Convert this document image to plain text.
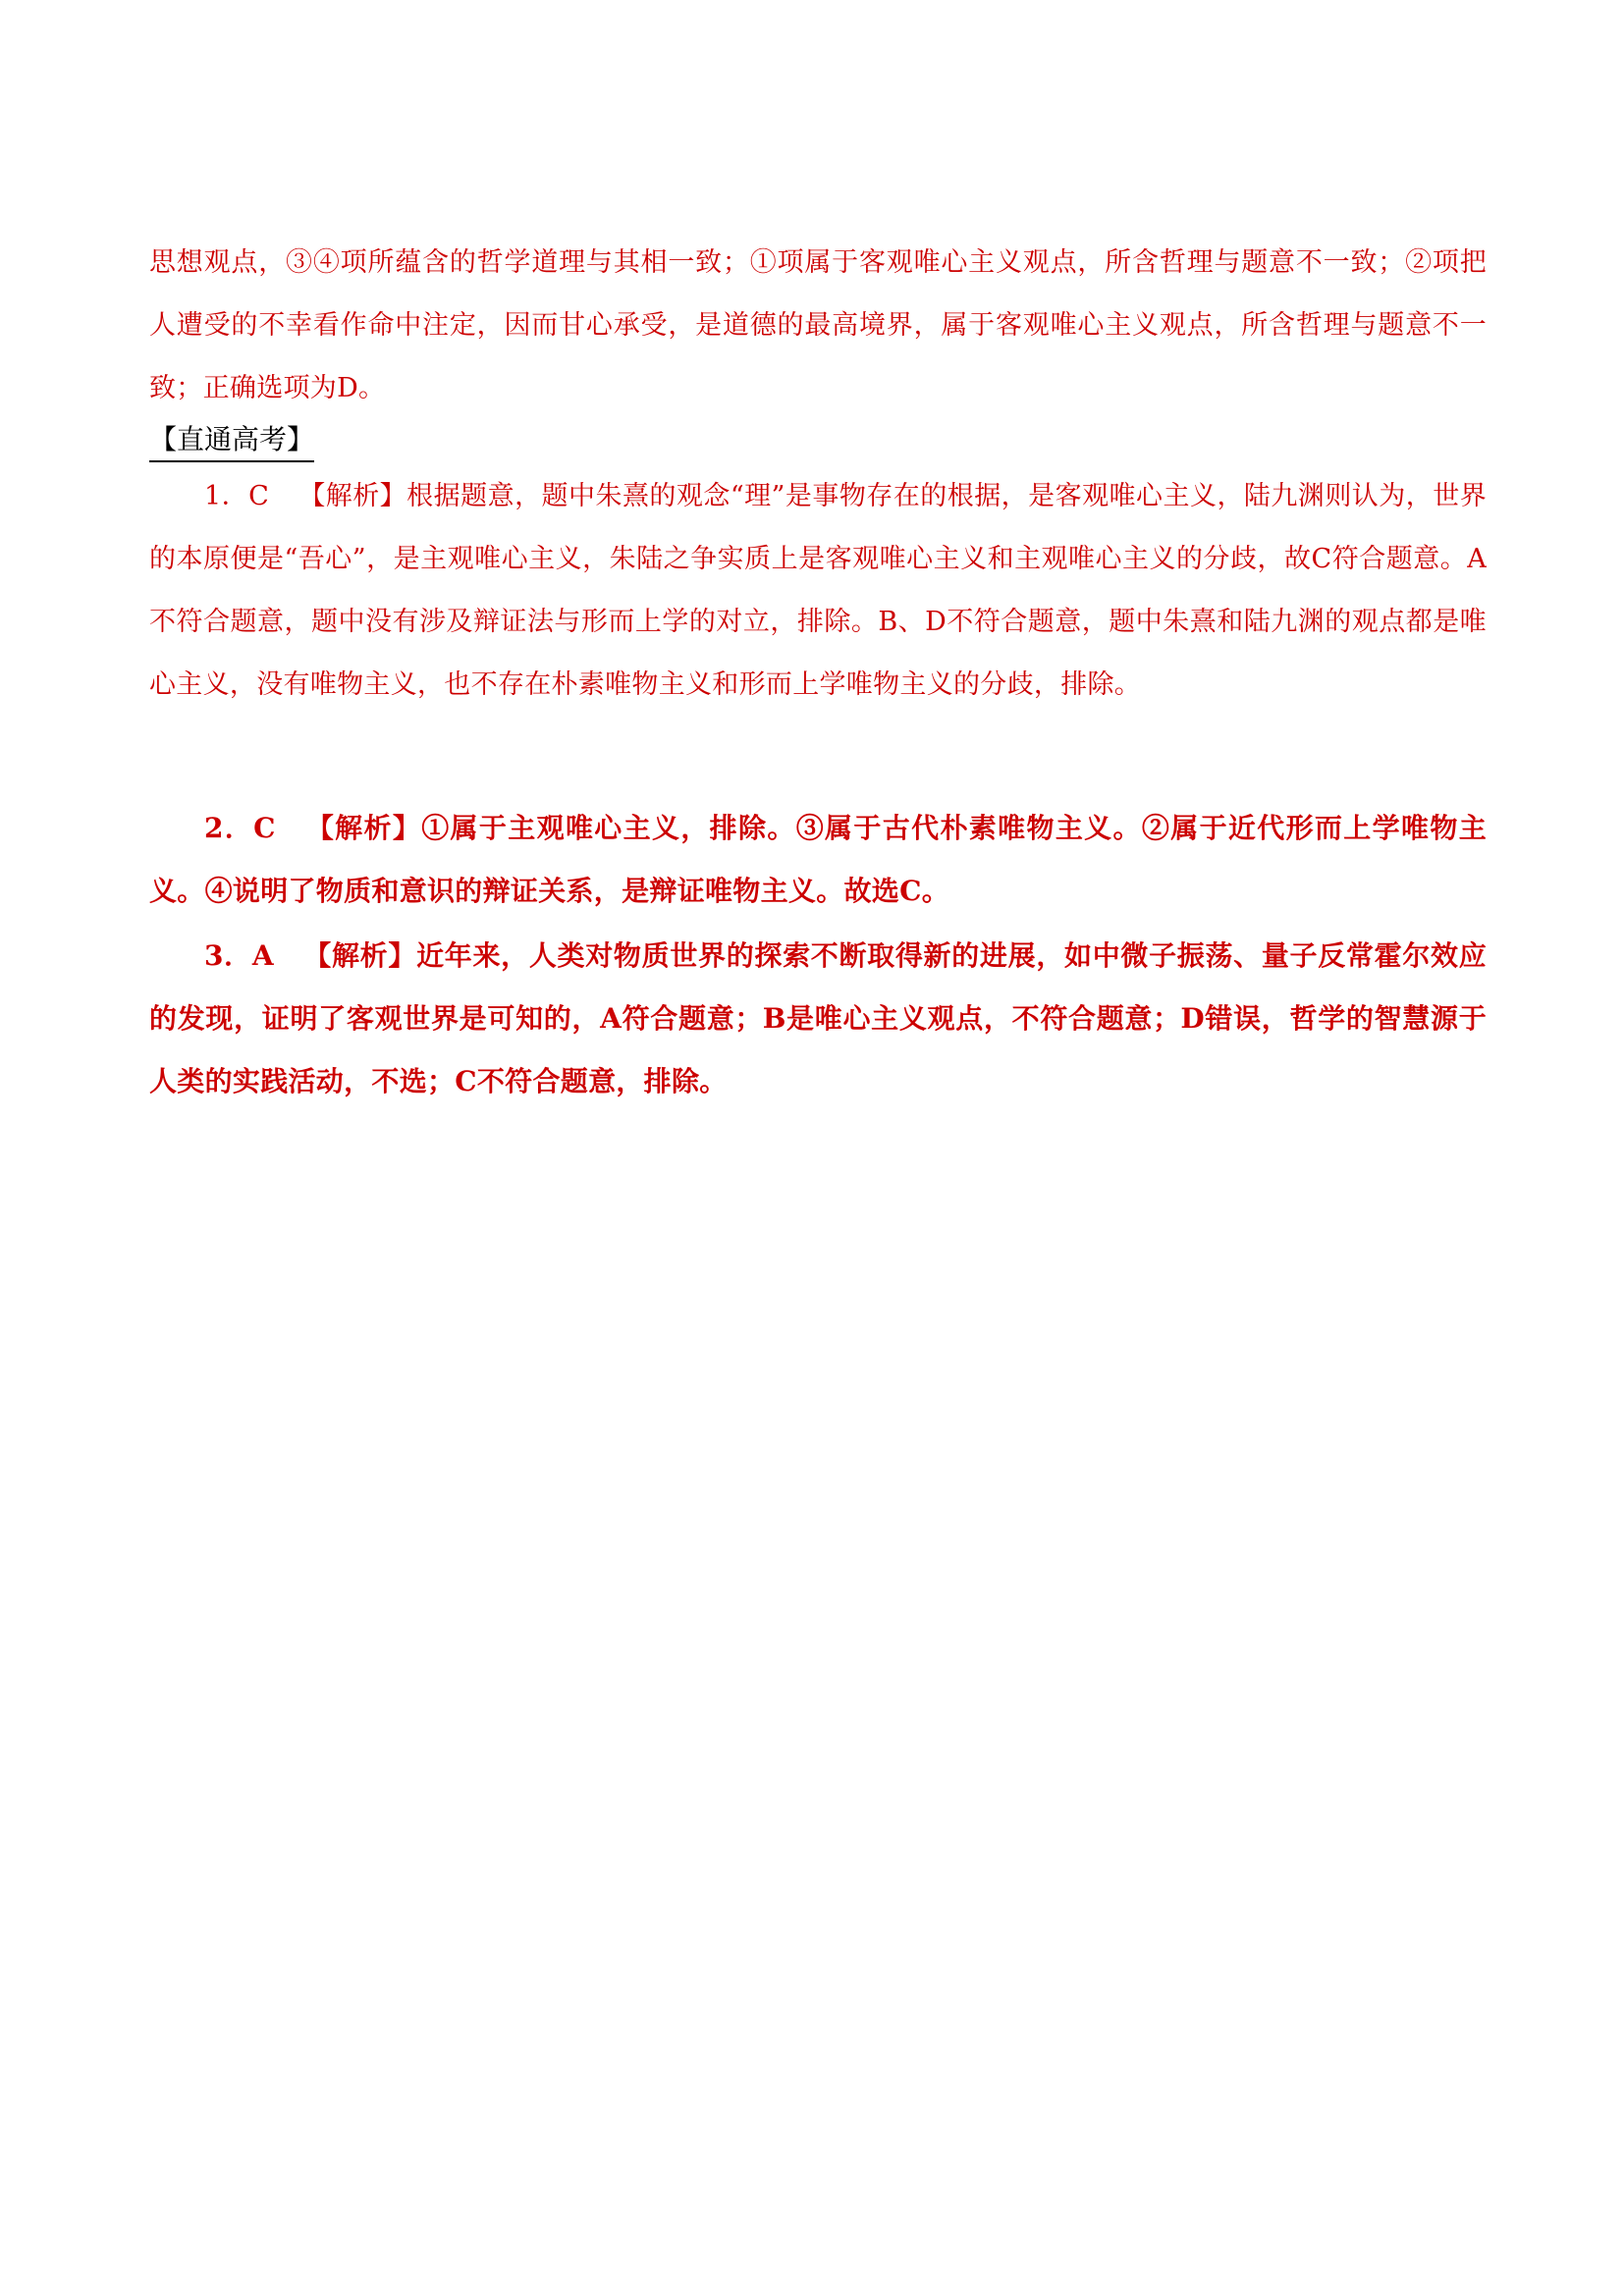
思想观点，③④项所蕴含的哲学道理与其相一致；①项属于客观唯心主义观点，所含哲理与题意不一致；②项把人遭受的不幸看作命中注定，因而甘心承受，是道德的最高境界，属于客观唯心主义观点，所含哲理与题意不一致；正确选项为D。
【直通高考】
1．C 【解析】根据题意，题中朱熹的观念“理”是事物存在的根据，是客观唯心主义，陆九渊则认为，世界的本原便是“吾心”，是主观唯心主义，朱陆之争实质上是客观唯心主义和主观唯心主义的分歧，故C符合题意。A不符合题意，题中没有涉及辩证法与形而上学的对立，排除。B、D不符合题意，题中朱熹和陆九渊的观点都是唯心主义，没有唯物主义，也不存在朴素唯物主义和形而上学唯物主义的分歧，排除。
2．C 【解析】①属于主观唯心主义，排除。③属于古代朴素唯物主义。②属于近代形而上学唯物主义。④说明了物质和意识的辩证关系，是辩证唯物主义。故选C。
3．A 【解析】近年来，人类对物质世界的探索不断取得新的进展，如中微子振荡、量子反常霍尔效应的发现，证明了客观世界是可知的，A符合题意；B是唯心主义观点，不符合题意；D错误，哲学的智慧源于人类的实践活动，不选；C不符合题意，排除。
